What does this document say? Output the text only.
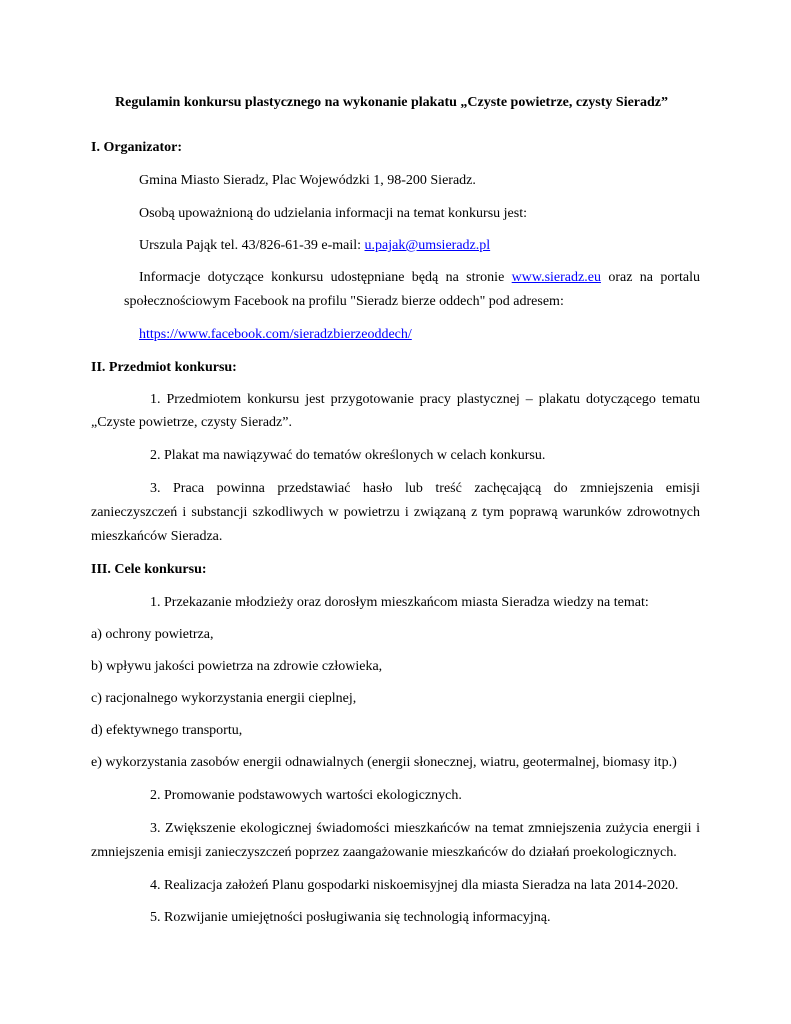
Regulamin konkursu plastycznego na wykonanie plakatu „Czyste powietrze, czysty Sieradz”
I. Organizator:
Gmina Miasto Sieradz, Plac Wojewódzki 1, 98-200 Sieradz.
Osobą upoważnioną do udzielania informacji na temat konkursu jest:
Urszula Pająk tel. 43/826-61-39 e-mail: u.pajak@umsieradz.pl
Informacje dotyczące konkursu udostępniane będą na stronie www.sieradz.eu oraz na portalu
społecznościowym Facebook na profilu "Sieradz bierze oddech" pod adresem:
https://www.facebook.com/sieradzbierzeoddech/
II. Przedmiot konkursu:
1. Przedmiotem konkursu jest przygotowanie pracy plastycznej – plakatu dotyczącego tematu
„Czyste powietrze, czysty Sieradz”.
2. Plakat ma nawiązywać do tematów określonych w celach konkursu.
3. Praca powinna przedstawiać hasło lub treść zachęcającą do zmniejszenia emisji
zanieczyszczeń i substancji szkodliwych w powietrzu i związaną z tym poprawą warunków zdrowotnych
mieszkańców Sieradza.
III. Cele konkursu:
1. Przekazanie młodzieży oraz dorosłym mieszkańcom miasta Sieradza wiedzy na temat:
a) ochrony powietrza,
b) wpływu jakości powietrza na zdrowie człowieka,
c) racjonalnego wykorzystania energii cieplnej,
d) efektywnego transportu,
e) wykorzystania zasobów energii odnawialnych (energii słonecznej, wiatru, geotermalnej, biomasy itp.)
2. Promowanie podstawowych wartości ekologicznych.
3. Zwiększenie ekologicznej świadomości mieszkańców na temat zmniejszenia zużycia energii i
zmniejszenia emisji zanieczyszczeń poprzez zaangażowanie mieszkańców do działań proekologicznych.
4. Realizacja założeń Planu gospodarki niskoemisyjnej dla miasta Sieradza na lata 2014-2020.
5. Rozwijanie umiejętności posługiwania się technologią informacyjną.
